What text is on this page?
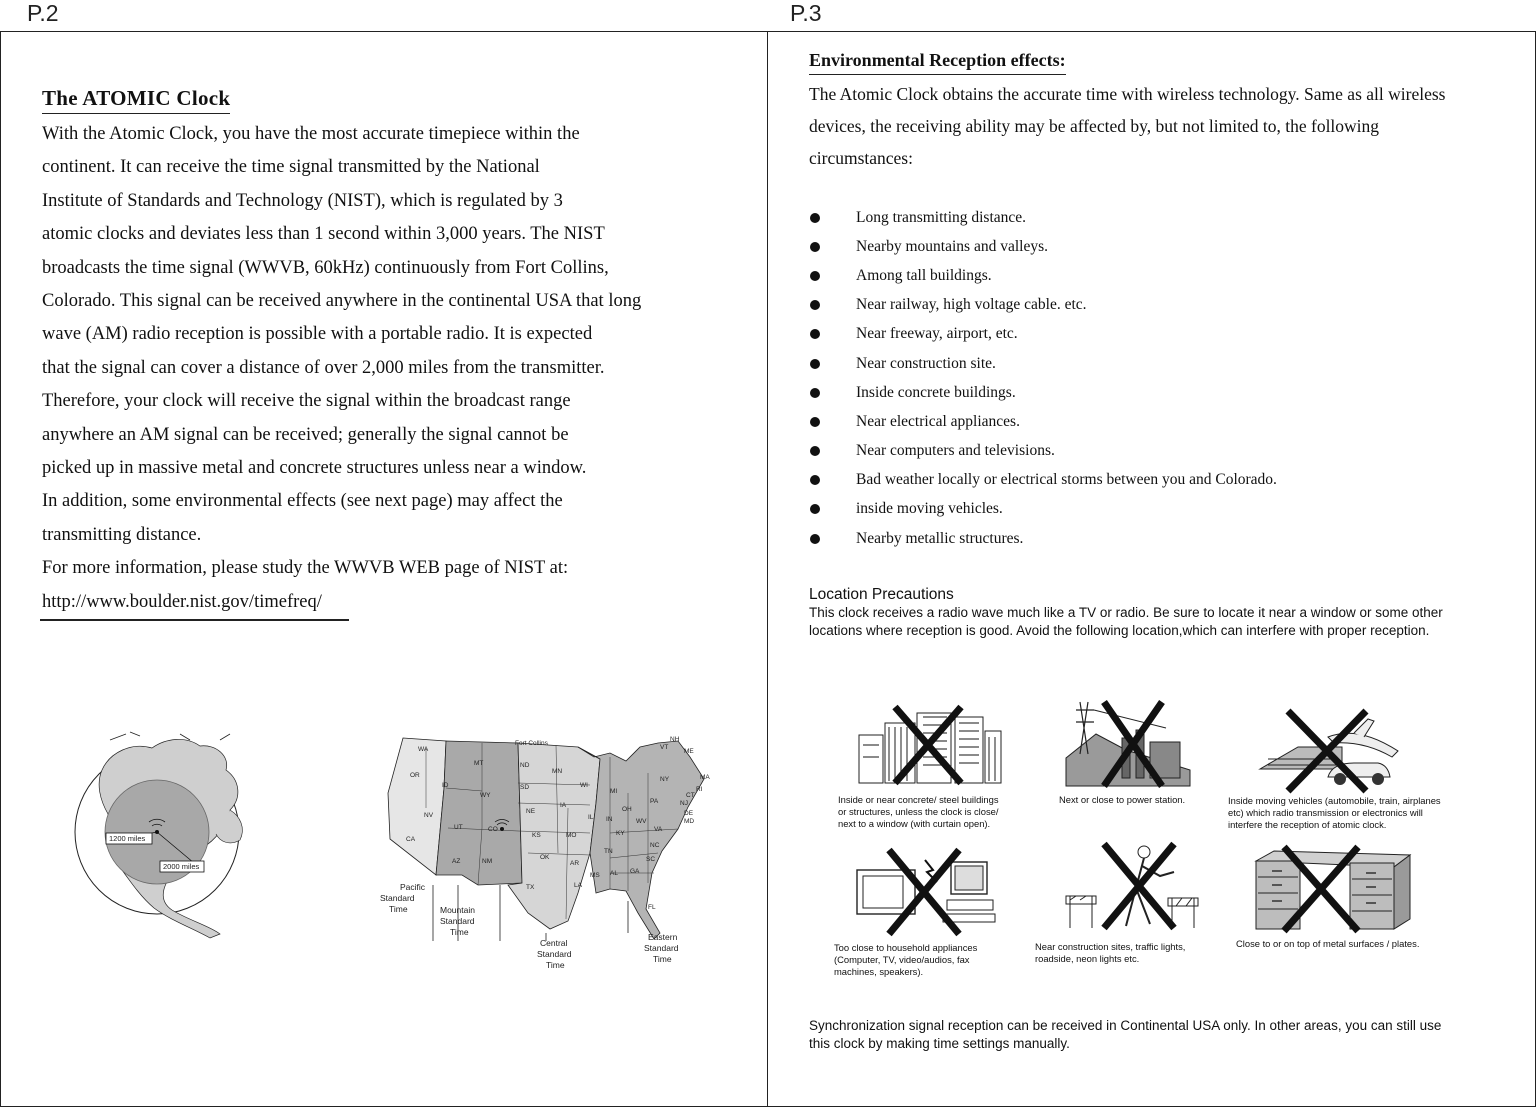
P.2	P.3
The ATOMIC Clock
With the Atomic Clock, you have the most accurate timepiece within the
continent. It can receive the time signal transmitted by the National
Institute of Standards and Technology (NIST), which is regulated by 3
atomic clocks and deviates less than 1 second within 3,000 years. The NIST
broadcasts the time signal (WWVB, 60kHz) continuously from Fort Collins,
Colorado. This signal can be received anywhere in the continental USA that long
wave (AM) radio reception is possible with a portable radio. It is expected
that the signal can cover a distance of over 2,000 miles from the transmitter.
Therefore, your clock will receive the signal within the broadcast range
anywhere an AM signal can be received; generally the signal cannot be
picked up in massive metal and concrete structures unless near a window.
In addition, some environmental effects (see next page) may affect the
transmitting distance.
For more information, please study the WWVB WEB page of NIST at:
http://www.boulder.nist.gov/timefreq/
1200 miles
2000 miles
Fort Collins
WA
OR
CA
ID
NV
MT
WY
UT
AZ
CO
NM
ND
SD
NE
KS
OK
TX
MN
IA
MO
AR
LA
WI
IL
MI
IN
OH
KY
TN
MS AL GA
FL
SC
NC
VA
WV
PA
NY
VT
NH
ME
MA
RI
CT
NJ
DE
MD
Pacific
Standard
Time	Mountain
Standard
Time
Central
Standard
Time
Eastern
Standard
Time
Environmental Reception effects:
The Atomic Clock obtains the accurate time with wireless technology. Same as all wireless
devices, the receiving ability may be affected by, but not limited to, the following
circumstances:
Long transmitting distance.
Nearby mountains and valleys.
Among tall buildings.
Near railway, high voltage cable. etc.
Near freeway, airport, etc.
Near construction site.
Inside concrete buildings.
Near electrical appliances.
Near computers and televisions.
Bad weather locally or electrical storms between you and Colorado.
inside moving vehicles.
Nearby metallic structures.
Location Precautions
This clock receives a radio wave much like a TV or radio. Be sure to locate it near a window or some other
locations where reception is good. Avoid the following location,which can interfere with proper reception.
Inside or near concrete/ steel buildings
or structures, unless the clock is close/
next to a window (with curtain open).
Next or close to power station.	Inside moving vehicles (automobile, train, airplanes
etc) which radio transmission or electronics will
interfere the reception of atomic clock.
Too close to household appliances
(Computer, TV, video/audios, fax
machines, speakers).
Near construction sites, traffic lights,
roadside, neon lights etc.
Close to or on top of metal surfaces / plates.
Synchronization signal reception can be received in Continental USA only. In other areas, you can still use
this clock by making time settings manually.
